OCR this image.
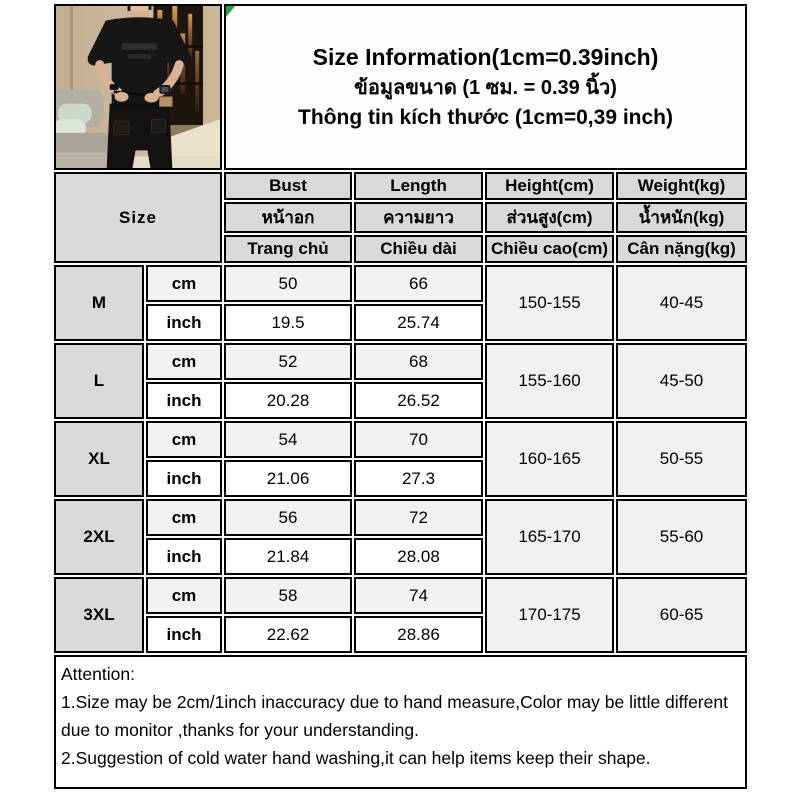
Size Information(1cm=0.39inch)
ข้อมูลขนาด (1 ซม. = 0.39 นิ้ว)
Thông tin kích thước (1cm=0,39 inch)			

Size		Bust	Length	Height(cm)	Weight(kg)
		หน้าอก	ความยาว	ส่วนสูง(cm)	น้ำหนัก(kg)
		Trang chủ	Chiều dài	Chiều cao(cm)	Cân nặng(kg)
M	cm	50	66	150-155	40-45
	inch	19.5	25.74		
L	cm	52	68	155-160	45-50
	inch	20.28	26.52		
XL	cm	54	70	160-165	50-55
	inch	21.06	27.3		
2XL	cm	56	72	165-170	55-60
	inch	21.84	28.08		
3XL	cm	58	74	170-175	60-65
	inch	22.62	28.86		

Attention:

1.Size may be 2cm/1inch inaccuracy due to hand measure,Color may be little different due to monitor ,thanks for your understanding.

2.Suggestion of cold water hand washing,it can help items keep their shape.					
